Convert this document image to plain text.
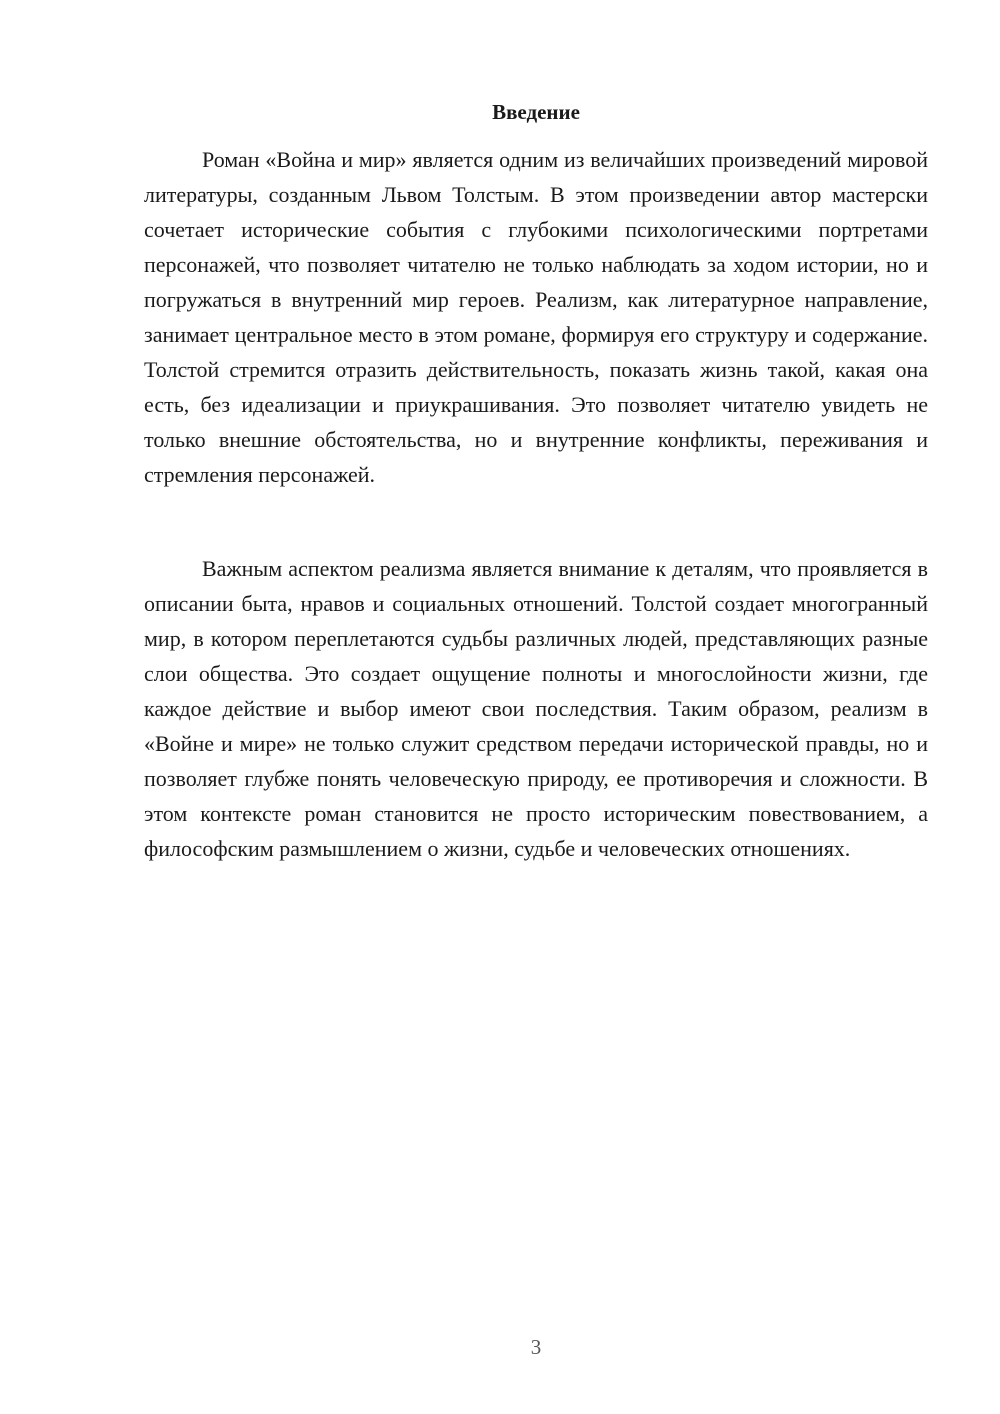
Введение

Роман «Война и мир» является одним из величайших произведений мировой литературы, созданным Львом Толстым. В этом произведении автор мастерски сочетает исторические события с глубокими психологическими портретами персонажей, что позволяет читателю не только наблюдать за ходом истории, но и погружаться в внутренний мир героев. Реализм, как литературное направление, занимает центральное место в этом романе, формируя его структуру и содержание. Толстой стремится отразить действительность, показать жизнь такой, какая она есть, без идеализации и приукрашивания. Это позволяет читателю увидеть не только внешние обстоятельства, но и внутренние конфликты, переживания и стремления персонажей.

Важным аспектом реализма является внимание к деталям, что проявляется в описании быта, нравов и социальных отношений. Толстой создает многогранный мир, в котором переплетаются судьбы различных людей, представляющих разные слои общества. Это создает ощущение полноты и многослойности жизни, где каждое действие и выбор имеют свои последствия. Таким образом, реализм в «Войне и мире» не только служит средством передачи исторической правды, но и позволяет глубже понять человеческую природу, ее противоречия и сложности. В этом контексте роман становится не просто историческим повествованием, а философским размышлением о жизни, судьбе и человеческих отношениях.

3
